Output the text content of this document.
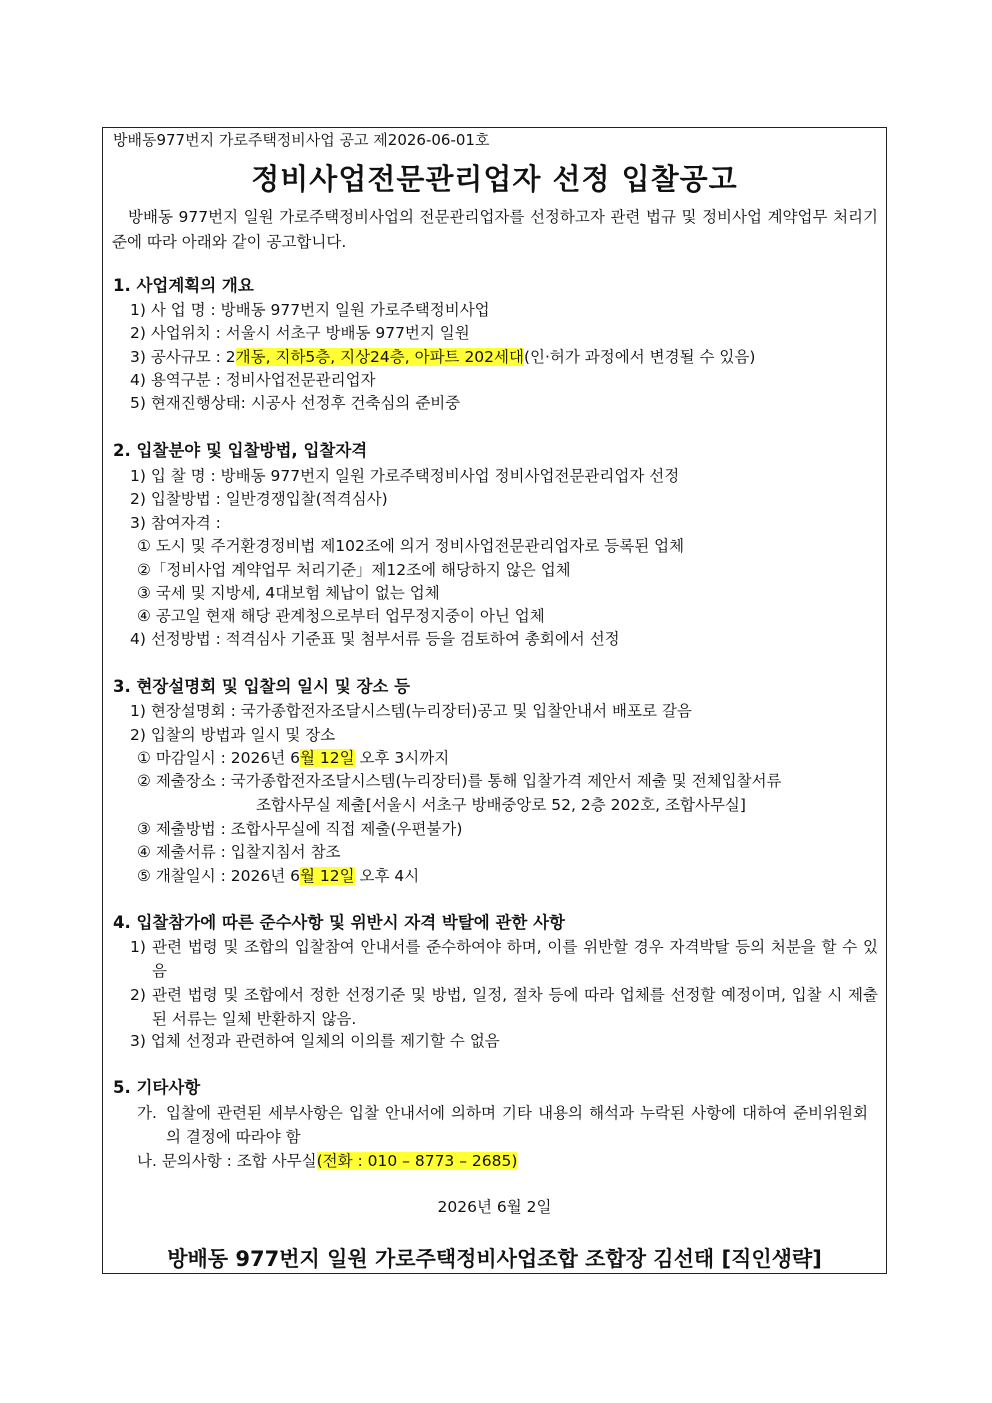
방배동977번지 가로주택정비사업 공고 제2026-06-01호
정비사업전문관리업자 선정 입찰공고
방배동 977번지 일원 가로주택정비사업의 전문관리업자를 선정하고자 관련 법규 및 정비사업 계약업무 처리기준에 따라 아래와 같이 공고합니다.
1. 사업계획의 개요
1) 사 업 명 : 방배동 977번지 일원 가로주택정비사업
2) 사업위치 : 서울시 서초구 방배동 977번지 일원
3) 공사규모 : 2개동, 지하5층, 지상24층, 아파트 202세대(인·허가 과정에서 변경될 수 있음)
4) 용역구분 : 정비사업전문관리업자
5) 현재진행상태: 시공사 선정후 건축심의 준비중
2. 입찰분야 및 입찰방법, 입찰자격
1) 입 찰 명 : 방배동 977번지 일원 가로주택정비사업 정비사업전문관리업자 선정
2) 입찰방법 : 일반경쟁입찰(적격심사)
3) 참여자격 :
① 도시 및 주거환경정비법 제102조에 의거 정비사업전문관리업자로 등록된 업체
②「정비사업 계약업무 처리기준」제12조에 해당하지 않은 업체
③ 국세 및 지방세, 4대보험 체납이 없는 업체
④ 공고일 현재 해당 관계청으로부터 업무정지중이 아닌 업체
4) 선정방법 : 적격심사 기준표 및 첨부서류 등을 검토하여 총회에서 선정
3. 현장설명회 및 입찰의 일시 및 장소 등
1) 현장설명회 : 국가종합전자조달시스템(누리장터)공고 및 입찰안내서 배포로 갈음
2) 입찰의 방법과 일시 및 장소
① 마감일시 : 2026년 6월 12일 오후 3시까지
② 제출장소 : 국가종합전자조달시스템(누리장터)를 통해 입찰가격 제안서 제출 및 전체입찰서류
조합사무실 제출[서울시 서초구 방배중앙로 52, 2층 202호, 조합사무실]
③ 제출방법 : 조합사무실에 직접 제출(우편불가)
④ 제출서류 : 입찰지침서 참조
⑤ 개찰일시 : 2026년 6월 12일 오후 4시
4. 입찰참가에 따른 준수사항 및 위반시 자격 박탈에 관한 사항
1) 관련 법령 및 조합의 입찰참여 안내서를 준수하여야 하며, 이를 위반할 경우 자격박탈 등의 처분을 할 수 있음
2) 관련 법령 및 조합에서 정한 선정기준 및 방법, 일정, 절차 등에 따라 업체를 선정할 예정이며, 입찰 시 제출된 서류는 일체 반환하지 않음.
3) 업체 선정과 관련하여 일체의 이의를 제기할 수 없음
5. 기타사항
가. 입찰에 관련된 세부사항은 입찰 안내서에 의하며 기타 내용의 해석과 누락된 사항에 대하여 준비위원회의 결정에 따라야 함
나. 문의사항 : 조합 사무실(전화 : 010 – 8773 – 2685)
2026년 6월 2일
방배동 977번지 일원 가로주택정비사업조합 조합장 김선태 [직인생략]
